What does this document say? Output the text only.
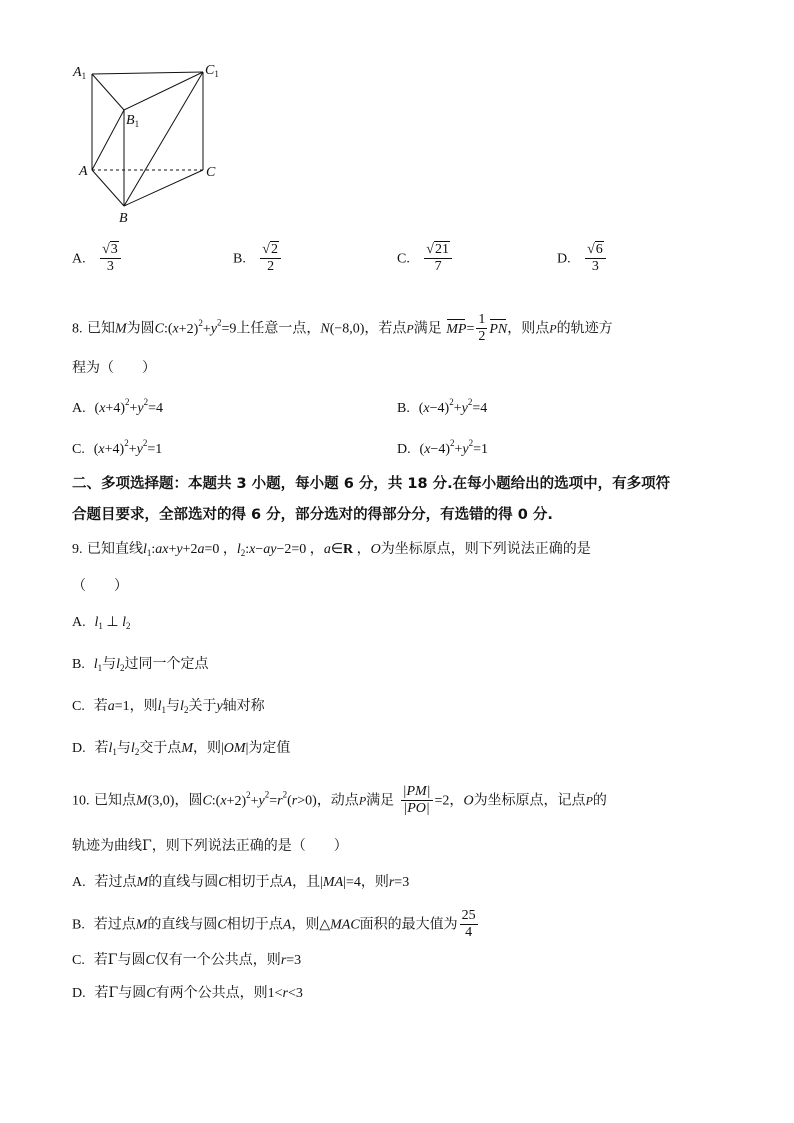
$A_1$	$C_1$
$B_1$
A	C
B
A. $\frac{√3}{3}$	B. $\frac{√2}{2}$	C. $\frac{√21}{7}$	D. $\frac{√6}{3}$
8. 已知M为圆$C:(x+2)^2+y^2=9$上任意一点，N(−8,0)，若点P满足 $MP= \frac{1}{2}$ PN，则点P的轨迹方
程为（　　）
A. $(x+4)^2+y^2=4$	B. $(x-4)^2+y^2=4$
C. $(x+4)^2+y^2=1$	D. $(x-4)^2+y^2=1$
二、多项选择题：本题共 3 小题，每小题 6 分，共 18 分.在每小题给出的选项中，有多项符
合题目要求，全部选对的得 6 分，部分选对的得部分分，有选错的得 0 分.
9. 已知直线$l_1:ax+y+2a=0$ ，$l_2:x-ay-2=0$ ，a∈R ，O为坐标原点，则下列说法正确的是
（　　）
A. $l_1$ ⊥ $l_2$
B. $l_1$与$l_2$过同一个定点
C. 若a=1，则$l_1$与$l_2$关于y轴对称
D. 若$l_1$与$l_2$交于点M，则|OM|为定值
10. 已知点M(3,0)，圆$C:(x+2)^2+y^2=r^2(r>0)$，动点P满足 $\frac{|PM|}{|PO|} =2$，O为坐标原点，记点P的
轨迹为曲线Γ，则下列说法正确的是（　　）
A. 若过点M的直线与圆C相切于点A，且|MA|=4，则r=3
B. 若过点M的直线与圆C相切于点A，则△MAC面积的最大值为 $\frac{25}{4}$
C. 若Γ与圆C仅有一个公共点，则r=3
D. 若Γ与圆C有两个公共点，则1<r<3
